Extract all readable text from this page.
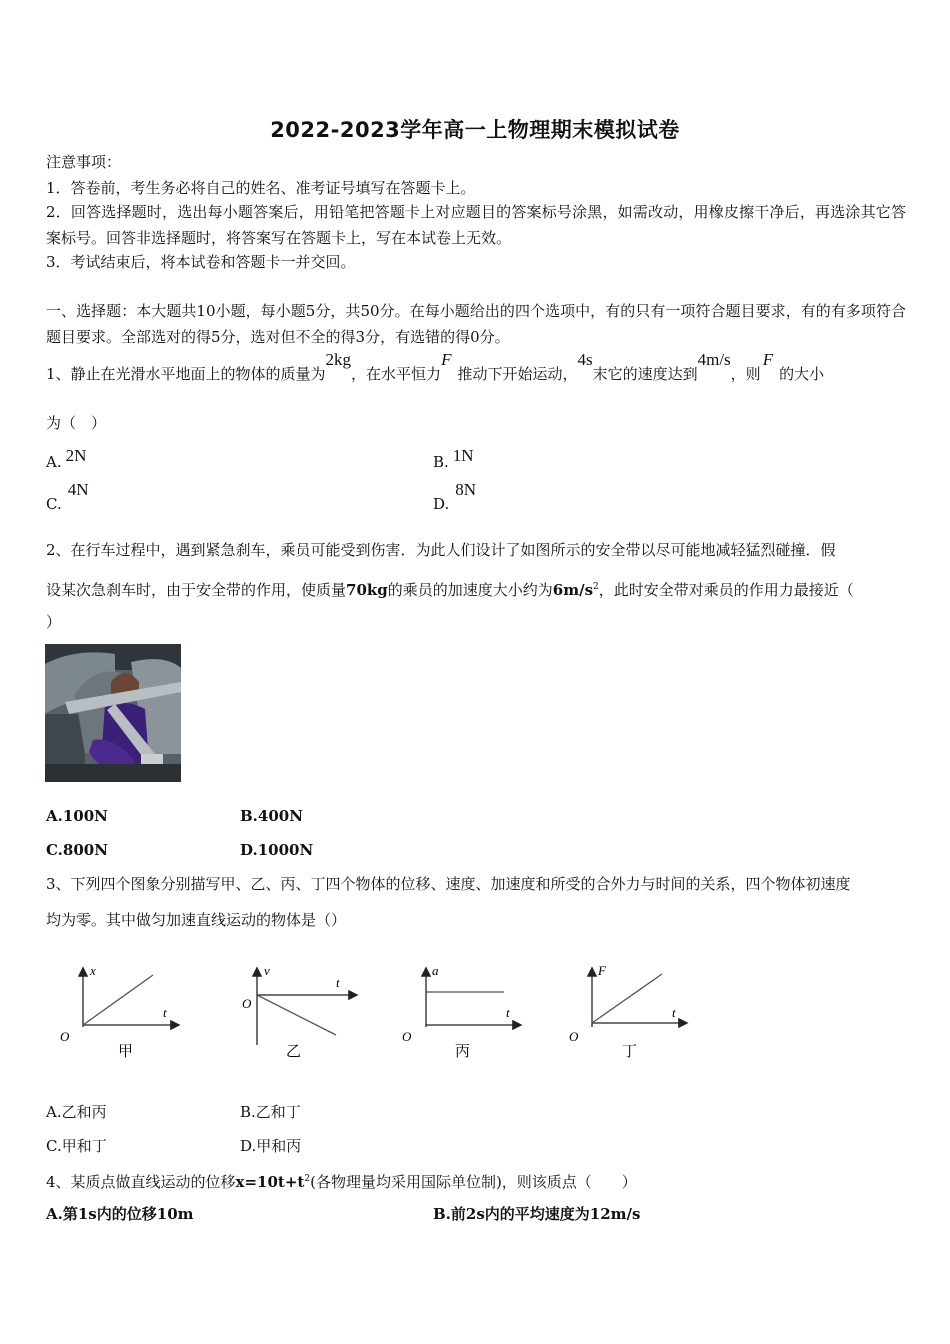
2022-2023学年高一上物理期末模拟试卷
注意事项：
1．答卷前，考生务必将自己的姓名、准考证号填写在答题卡上。
2．回答选择题时，选出每小题答案后，用铅笔把答题卡上对应题目的答案标号涂黑，如需改动，用橡皮擦干净后，再选涂其它答案标号。回答非选择题时，将答案写在答题卡上，写在本试卷上无效。
3．考试结束后，将本试卷和答题卡一并交回。
一、选择题：本大题共10小题，每小题5分，共50分。在每小题给出的四个选项中，有的只有一项符合题目要求，有的有多项符合题目要求。全部选对的得5分，选对但不全的得3分，有选错的得0分。
1、静止在光滑水平地面上的物体的质量为2kg，在水平恒力F推动下开始运动，4s末它的速度达到4m/s，则F的大小
为（　）
A. 2N	B. 1N
C.4N
D.8N
2、在行车过程中，遇到紧急刹车，乘员可能受到伤害．为此人们设计了如图所示的安全带以尽可能地减轻猛烈碰撞．假
设某次急刹车时，由于安全带的作用，使质量70kg的乘员的加速度大小约为$6m/s^2$，此时安全带对乘员的作用力最接近（
）
A.100N	B.400N
C.800N	D.1000N
3、下列四个图象分别描写甲、乙、丙、丁四个物体的位移、速度、加速度和所受的合外力与时间的关系，四个物体初速度
均为零。其中做匀加速直线运动的物体是（）
x
t
O
甲
v
t
O
乙
a
t
O
丙
F
t
O
丁
A.乙和丙	B.乙和丁
C.甲和丁	D.甲和丙
4、某质点做直线运动的位移$x=10t+t^2$(各物理量均采用国际单位制)，则该质点（　　）
A.第1s内的位移10m	B.前2s内的平均速度为12m/s
